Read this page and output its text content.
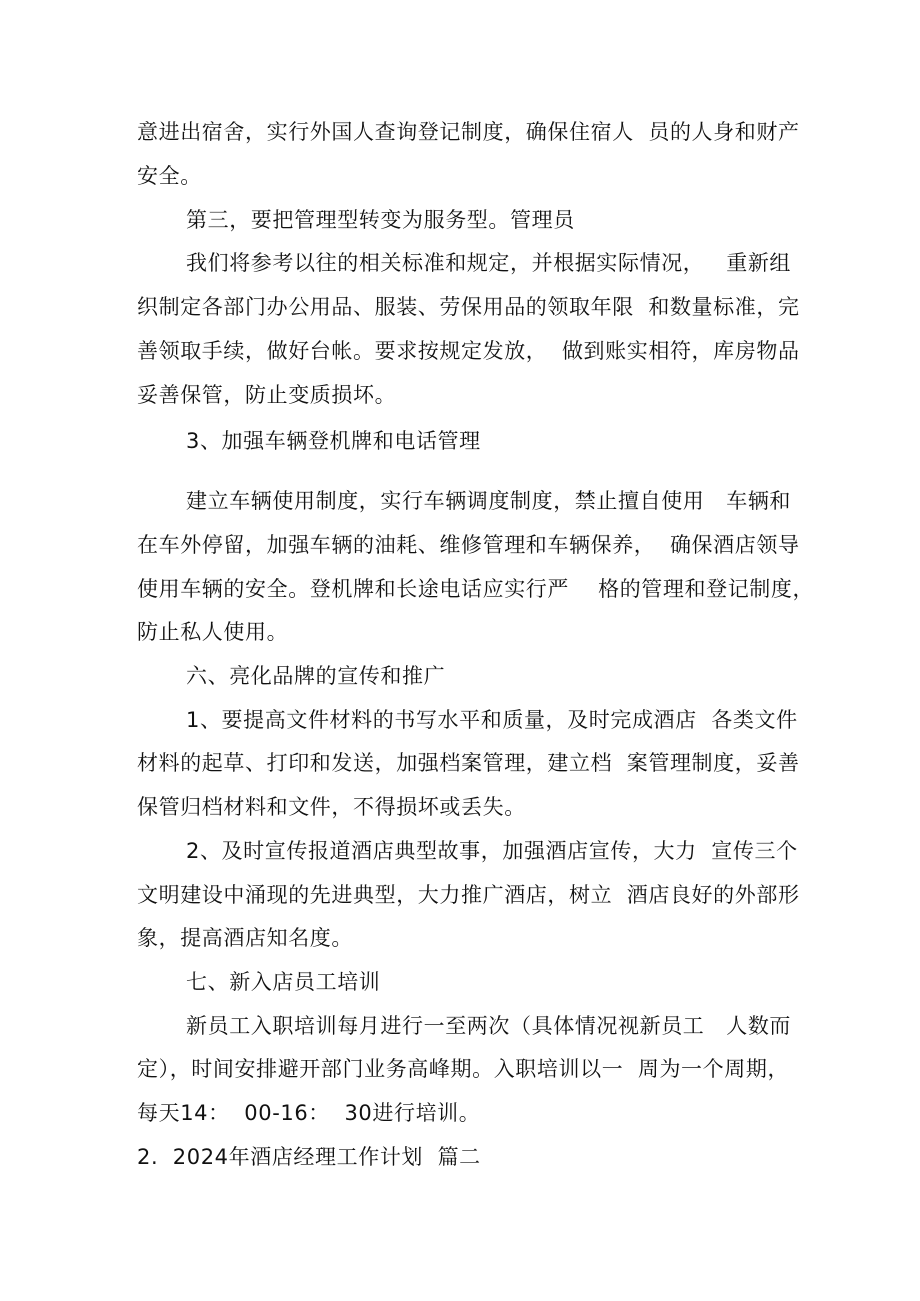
意进出宿舍，实行外国人查询登记制度，确保住宿人  员的人身和财产
安全。
第三，要把管理型转变为服务型。管理员
我们将参考以往的相关标准和规定，并根据实际情况，   重新组
织制定各部门办公用品、服装、劳保用品的领取年限  和数量标准，完
善领取手续，做好台帐。要求按规定发放，  做到账实相符，库房物品
妥善保管，防止变质损坏。
3、加强车辆登机牌和电话管理
建立车辆使用制度，实行车辆调度制度，禁止擅自使用   车辆和
在车外停留，加强车辆的油耗、维修管理和车辆保养，  确保酒店领导
使用车辆的安全。登机牌和长途电话应实行严    格的管理和登记制度，
防止私人使用。
六、亮化品牌的宣传和推广
1、要提高文件材料的书写水平和质量，及时完成酒店  各类文件
材料的起草、打印和发送，加强档案管理，建立档  案管理制度，妥善
保管归档材料和文件，不得损坏或丢失。
2、及时宣传报道酒店典型故事，加强酒店宣传，大力  宣传三个
文明建设中涌现的先进典型，大力推广酒店，树立  酒店良好的外部形
象，提高酒店知名度。
七、新入店员工培训
新员工入职培训每月进行一至两次（具体情况视新员工   人数而
定），时间安排避开部门业务高峰期。入职培训以一  周为一个周期，
每天14：  00-16：  30进行培训。
2.  2024年酒店经理工作计划  篇二
